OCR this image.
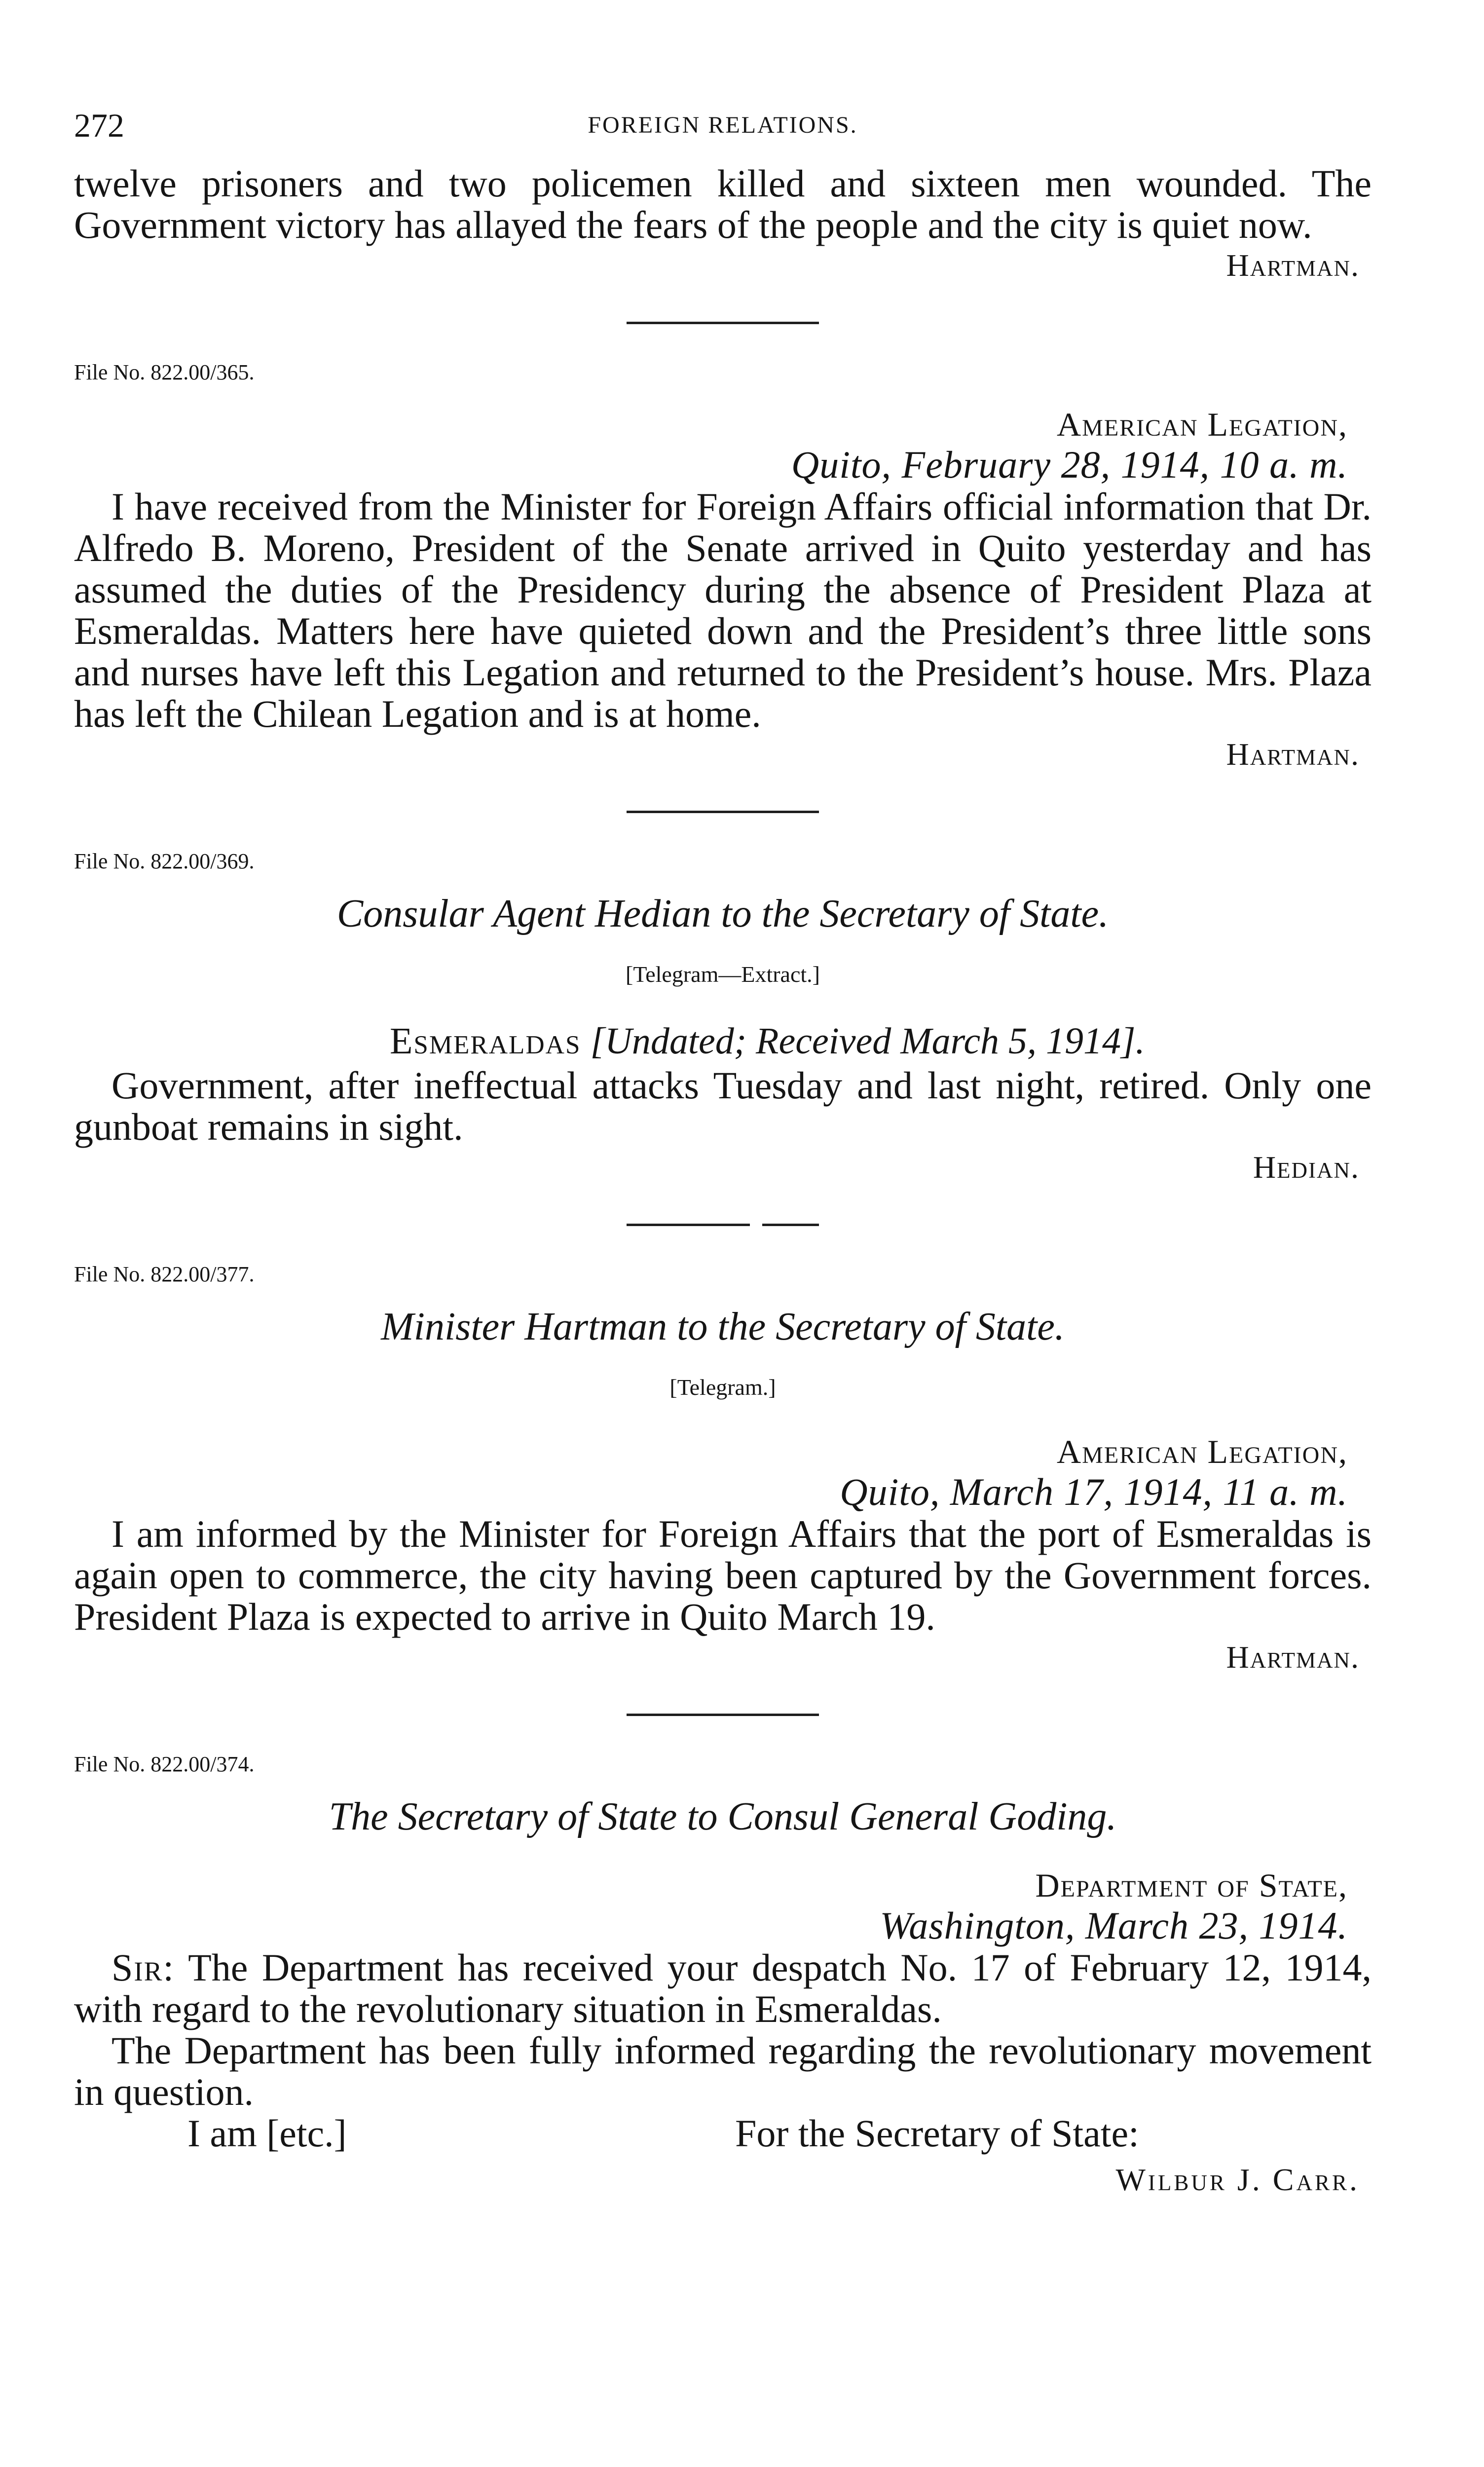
272	FOREIGN RELATIONS.

twelve prisoners and two policemen killed and sixteen men wounded. The Government victory has allayed the fears of the people and the city is quiet now.

Hartman.
File No. 822.00/365.
American Legation,
Quito, February 28, 1914, 10 a. m.

I have received from the Minister for Foreign Affairs official information that Dr. Alfredo B. Moreno, President of the Senate arrived in Quito yesterday and has assumed the duties of the Presidency during the absence of President Plaza at Esmeraldas. Matters here have quieted down and the President’s three little sons and nurses have left this Legation and returned to the President’s house. Mrs. Plaza has left the Chilean Legation and is at home.

Hartman.
File No. 822.00/369.
Consular Agent Hedian to the Secretary of State.
[Telegram—Extract.]
Esmeraldas [Undated; Received March 5, 1914].

Government, after ineffectual attacks Tuesday and last night, retired. Only one gunboat remains in sight.

Hedian.
File No. 822.00/377.
Minister Hartman to the Secretary of State.
[Telegram.]
American Legation,
Quito, March 17, 1914, 11 a. m.

I am informed by the Minister for Foreign Affairs that the port of Esmeraldas is again open to commerce, the city having been captured by the Government forces. President Plaza is expected to arrive in Quito March 19.

Hartman.
File No. 822.00/374.
The Secretary of State to Consul General Goding.
Department of State,
Washington, March 23, 1914.

Sir: The Department has received your despatch No. 17 of February 12, 1914, with regard to the revolutionary situation in Esmeraldas.

The Department has been fully informed regarding the revolutionary movement in question.

I am [etc.]	For the Secretary of State:
Wilbur J. Carr.
